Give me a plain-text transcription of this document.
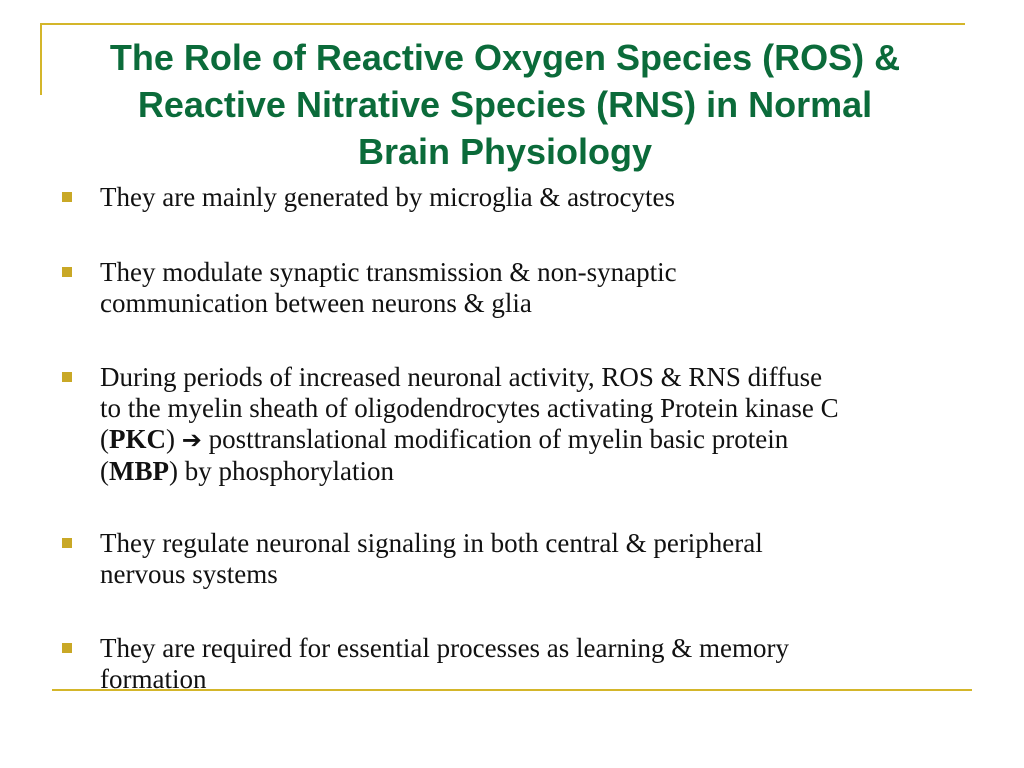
The Role of Reactive Oxygen Species (ROS) &
Reactive Nitrative Species (RNS) in Normal
Brain Physiology
They are mainly generated by microglia & astrocytes
They modulate synaptic transmission & non-synaptic
communication between neurons & glia
During periods of increased neuronal activity, ROS & RNS diffuse
to the myelin sheath of oligodendrocytes activating Protein kinase C
(PKC) ➔ posttranslational modification of myelin basic protein
(MBP) by phosphorylation
They regulate neuronal signaling in both central & peripheral
nervous systems
They are required for essential processes as learning & memory
formation
